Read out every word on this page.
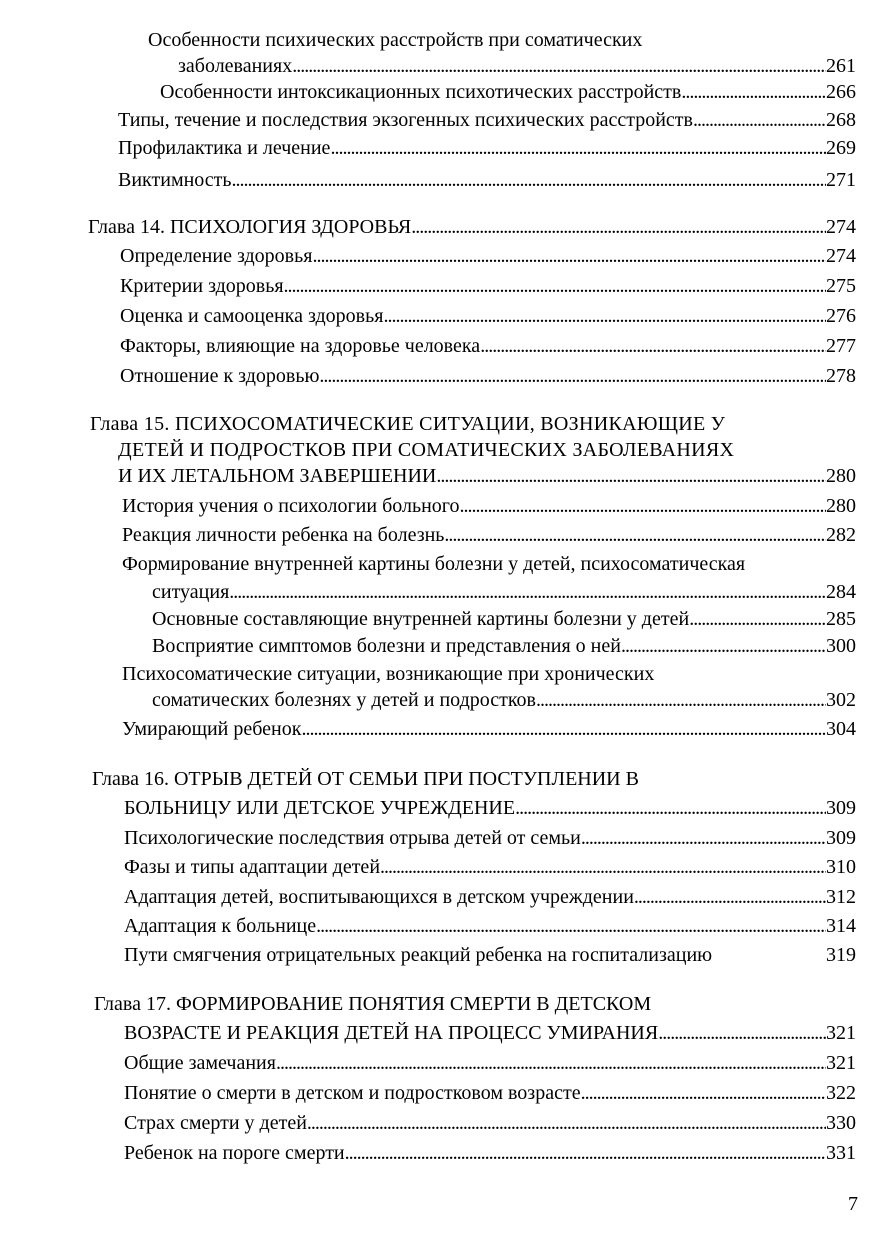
Особенности психических расстройств при соматических
заболеваниях . . .	261
Особенности интоксикационных психотических расстройств . . .	266
Типы, течение и последствия экзогенных психических расстройств . . .	268
Профилактика и лечение . . .	269
Виктимность . . .	271
Глава 14. ПСИХОЛОГИЯ ЗДОРОВЬЯ . . .	274
Определение здоровья . . .	274
Критерии здоровья . . .	275
Оценка и самооценка здоровья . . .	276
Факторы, влияющие на здоровье человека . . .	277
Отношение к здоровью . . .	278
Глава 15. ПСИХОСОМАТИЧЕСКИЕ СИТУАЦИИ, ВОЗНИКАЮЩИЕ У
ДЕТЕЙ И ПОДРОСТКОВ ПРИ СОМАТИЧЕСКИХ ЗАБОЛЕВАНИЯХ
И ИХ ЛЕТАЛЬНОМ ЗАВЕРШЕНИИ . . .	280
История учения о психологии больного . . .	280
Реакция личности ребенка на болезнь . . .	282
Формирование внутренней картины болезни у детей, психосоматическая
ситуация . . .	284
Основные составляющие внутренней картины болезни у детей . . .	285
Восприятие симптомов болезни и представления о ней . . .	300
Психосоматические ситуации, возникающие при хронических
соматических болезнях у детей и подростков . . .	302
Умирающий ребенок . . .	304
Глава 16. ОТРЫВ ДЕТЕЙ ОТ СЕМЬИ ПРИ ПОСТУПЛЕНИИ В
БОЛЬНИЦУ ИЛИ ДЕТСКОЕ УЧРЕЖДЕНИЕ . . .	309
Психологические последствия отрыва детей от семьи . . .	309
Фазы и типы адаптации детей . . .	310
Адаптация детей, воспитывающихся в детском учреждении . . .	312
Адаптация к больнице . . .	314
Пути смягчения отрицательных реакций ребенка на госпитализацию	319
Глава 17. ФОРМИРОВАНИЕ ПОНЯТИЯ СМЕРТИ В ДЕТСКОМ
ВОЗРАСТЕ И РЕАКЦИЯ ДЕТЕЙ НА ПРОЦЕСС УМИРАНИЯ . . .	321
Общие замечания . . .	321
Понятие о смерти в детском и подростковом возрасте . . .	322
Страх смерти у детей . . .	330
Ребенок на пороге смерти . . .	331
7
